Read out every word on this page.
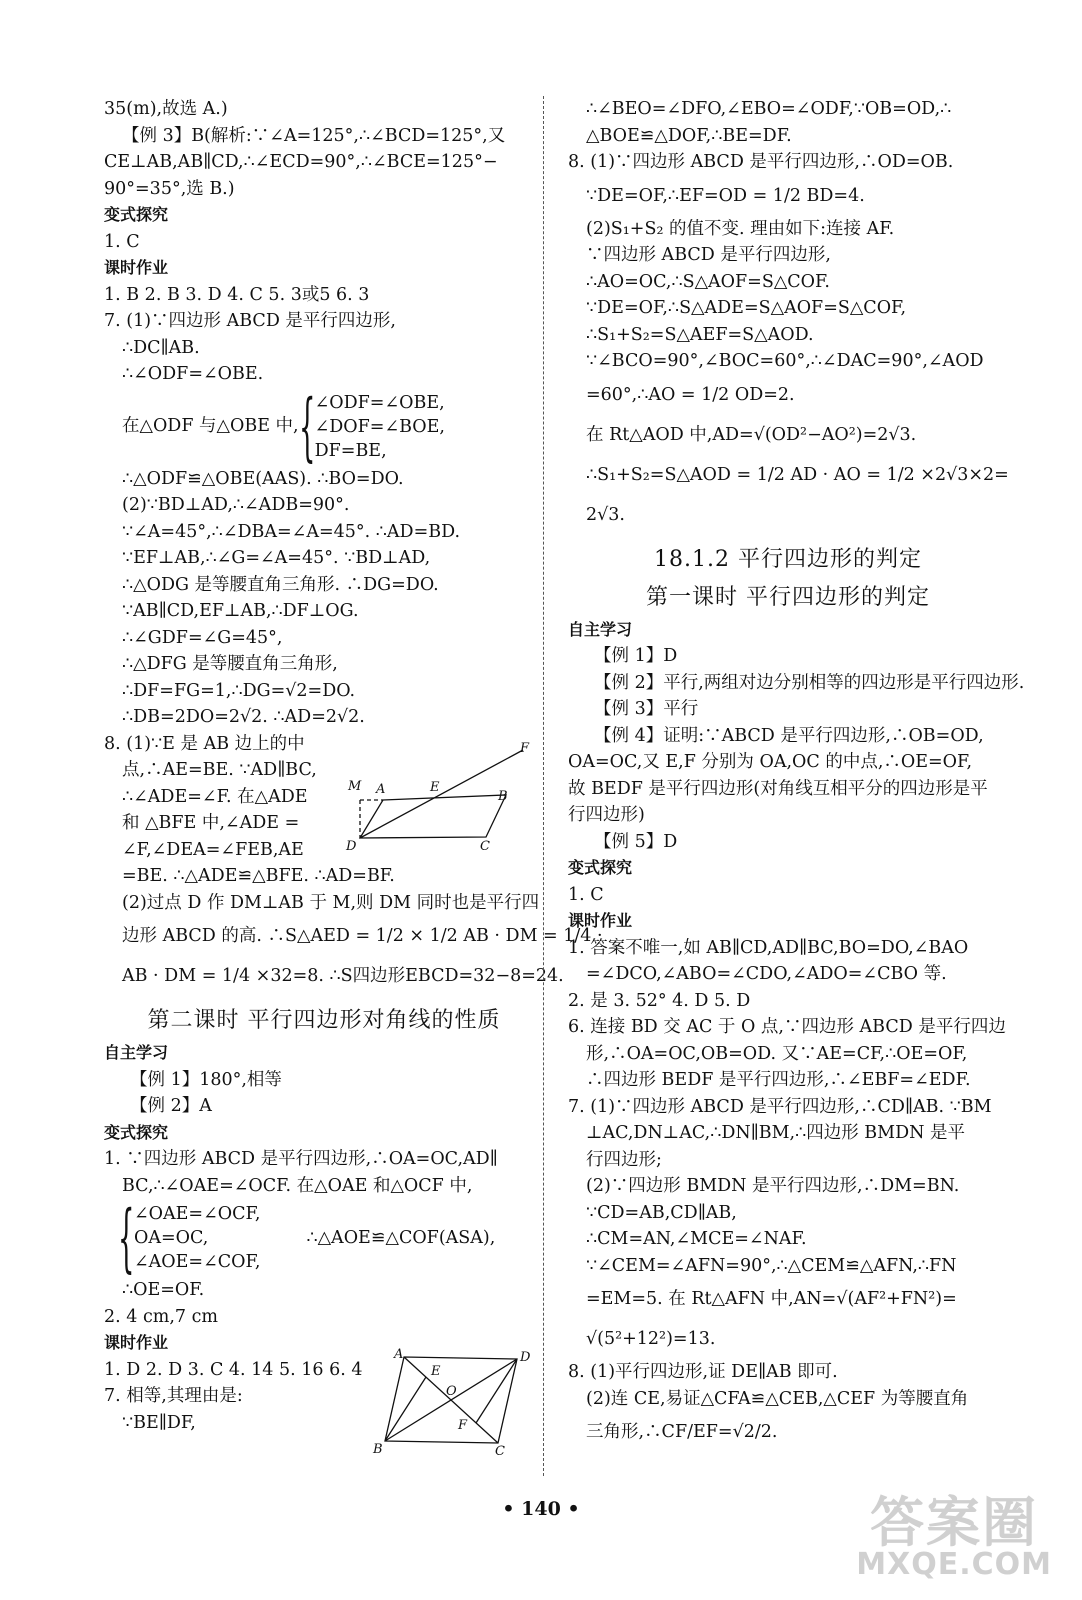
35(m),故选 A.)

【例 3】B(解析:∵∠A=125°,∴∠BCD=125°,又

CE⊥AB,AB∥CD,∴∠ECD=90°,∴∠BCE=125°−

90°=35°,选 B.)

变式探究

1. C

课时作业

1. B 2. B 3. D 4. C 5. 3或5 6. 3

7. (1)∵四边形 ABCD 是平行四边形,

∴DC∥AB.

∴∠ODF=∠OBE.

在△ODF 与△OBE 中, { ∠ODF=∠OBE,
∠DOF=∠BOE,
DF=BE,

∴△ODF≌△OBE(AAS). ∴BO=DO.

(2)∵BD⊥AD,∴∠ADB=90°.

∵∠A=45°,∴∠DBA=∠A=45°. ∴AD=BD.

∵EF⊥AB,∴∠G=∠A=45°. ∵BD⊥AD,

∴△ODG 是等腰直角三角形. ∴DG=DO.

∵AB∥CD,EF⊥AB,∴DF⊥OG.

∴∠GDF=∠G=45°,

∴△DFG 是等腰直角三角形,

∴DF=FG=1,∴DG=√2=DO.

∴DB=2DO=2√2. ∴AD=2√2.

8. (1)∵E 是 AB 边上的中

点,∴AE=BE. ∵AD∥BC,

∴∠ADE=∠F. 在△ADE

和 △BFE 中,∠ADE =

∠F,∠DEA=∠FEB,AE

=BE. ∴△ADE≌△BFE. ∴AD=BF.

(2)过点 D 作 DM⊥AB 于 M,则 DM 同时也是平行四

边形 ABCD 的高. ∴S△AED = 1/2 × 1/2 AB · DM = 1/4 ·

AB · DM = 1/4 ×32=8. ∴S四边形EBCD=32−8=24.

第二课时 平行四边形对角线的性质

自主学习

【例 1】180°,相等

【例 2】A

变式探究

1. ∵四边形 ABCD 是平行四边形,∴OA=OC,AD∥

BC,∴∠OAE=∠OCF. 在△OAE 和△OCF 中,

{ ∠OAE=∠OCF,
OA=OC,
∠AOE=∠COF,
∴△AOE≌△COF(ASA),

∴OE=OF.

2. 4 cm,7 cm

课时作业

1. D 2. D 3. C 4. 14 5. 16 6. 4

7. 相等,其理由是:

∵BE∥DF,

M A	E
F
B
D	C
A	D
E
O
F
B	C

∴∠BEO=∠DFO,∠EBO=∠ODF,∵OB=OD,∴

△BOE≌△DOF,∴BE=DF.

8. (1)∵四边形 ABCD 是平行四边形,∴OD=OB.

∵DE=OF,∴EF=OD = 1/2 BD=4.

(2)S₁+S₂ 的值不变. 理由如下:连接 AF.

∵四边形 ABCD 是平行四边形,

∴AO=OC,∴S△AOF=S△COF.

∵DE=OF,∴S△ADE=S△AOF=S△COF,

∴S₁+S₂=S△AEF=S△AOD.

∵∠BCO=90°,∠BOC=60°,∴∠DAC=90°,∠AOD

=60°,∴AO = 1/2 OD=2.

在 Rt△AOD 中,AD=√(OD²−AO²)=2√3.

∴S₁+S₂=S△AOD = 1/2 AD · AO = 1/2 ×2√3×2=

2√3.

18.1.2 平行四边形的判定

第一课时 平行四边形的判定

自主学习

【例 1】D

【例 2】平行,两组对边分别相等的四边形是平行四边形.

【例 3】平行

【例 4】证明:∵ABCD 是平行四边形,∴OB=OD,

OA=OC,又 E,F 分别为 OA,OC 的中点,∴OE=OF,

故 BEDF 是平行四边形(对角线互相平分的四边形是平

行四边形)

【例 5】D

变式探究

1. C

课时作业

1. 答案不唯一,如 AB∥CD,AD∥BC,BO=DO,∠BAO

=∠DCO,∠ABO=∠CDO,∠ADO=∠CBO 等.

2. 是 3. 52° 4. D 5. D

6. 连接 BD 交 AC 于 O 点,∵四边形 ABCD 是平行四边

形,∴OA=OC,OB=OD. 又∵AE=CF,∴OE=OF,

∴四边形 BEDF 是平行四边形,∴∠EBF=∠EDF.

7. (1)∵四边形 ABCD 是平行四边形,∴CD∥AB. ∵BM

⊥AC,DN⊥AC,∴DN∥BM,∴四边形 BMDN 是平

行四边形;

(2)∵四边形 BMDN 是平行四边形,∴DM=BN.

∵CD=AB,CD∥AB,

∴CM=AN,∠MCE=∠NAF.

∵∠CEM=∠AFN=90°,∴△CEM≌△AFN,∴FN

=EM=5. 在 Rt△AFN 中,AN=√(AF²+FN²)=

√(5²+12²)=13.

8. (1)平行四边形,证 DE∥AB 即可.

(2)连 CE,易证△CFA≌△CEB,△CEF 为等腰直角

三角形,∴CF/EF=√2/2.

• 140 •	答案圈
MXQE.COM
